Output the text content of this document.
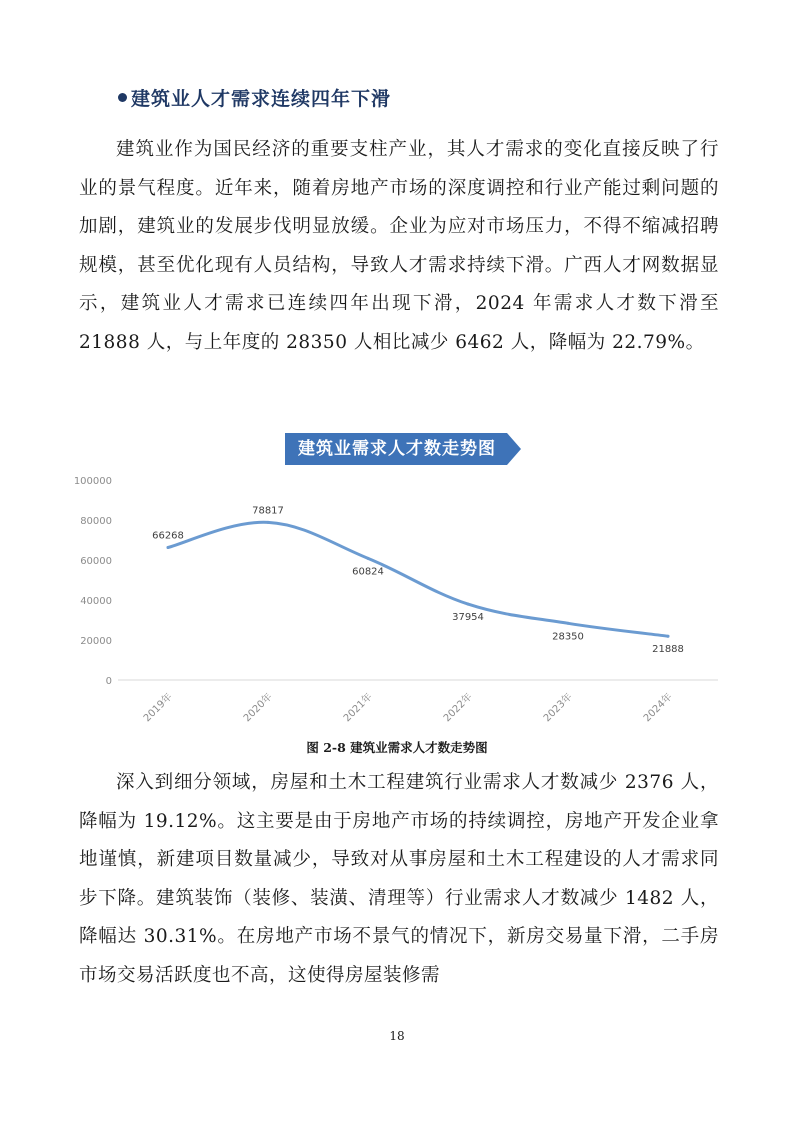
建筑业人才需求连续四年下滑

建筑业作为国民经济的重要支柱产业，其人才需求的变化直接反映了行业的景气程度。近年来，随着房地产市场的深度调控和行业产能过剩问题的加剧，建筑业的发展步伐明显放缓。企业为应对市场压力，不得不缩减招聘规模，甚至优化现有人员结构，导致人才需求持续下滑。广西人才网数据显示，建筑业人才需求已连续四年出现下滑，2024 年需求人才数下滑至 21888 人，与上年度的 28350 人相比减少 6462 人，降幅为 22.79%。

建筑业需求人才数走势图
100000
80000
60000
40000
20000
0
2019年	2020年	2021年	2022年	2023年	2024年
66268
78817
60824
37954
28350
21888
图 2-8 建筑业需求人才数走势图

深入到细分领域，房屋和土木工程建筑行业需求人才数减少 2376 人，降幅为 19.12%。这主要是由于房地产市场的持续调控，房地产开发企业拿地谨慎，新建项目数量减少，导致对从事房屋和土木工程建设的人才需求同步下降。建筑装饰（装修、装潢、清理等）行业需求人才数减少 1482 人，降幅达 30.31%。在房地产市场不景气的情况下，新房交易量下滑，二手房市场交易活跃度也不高，这使得房屋装修需

18
